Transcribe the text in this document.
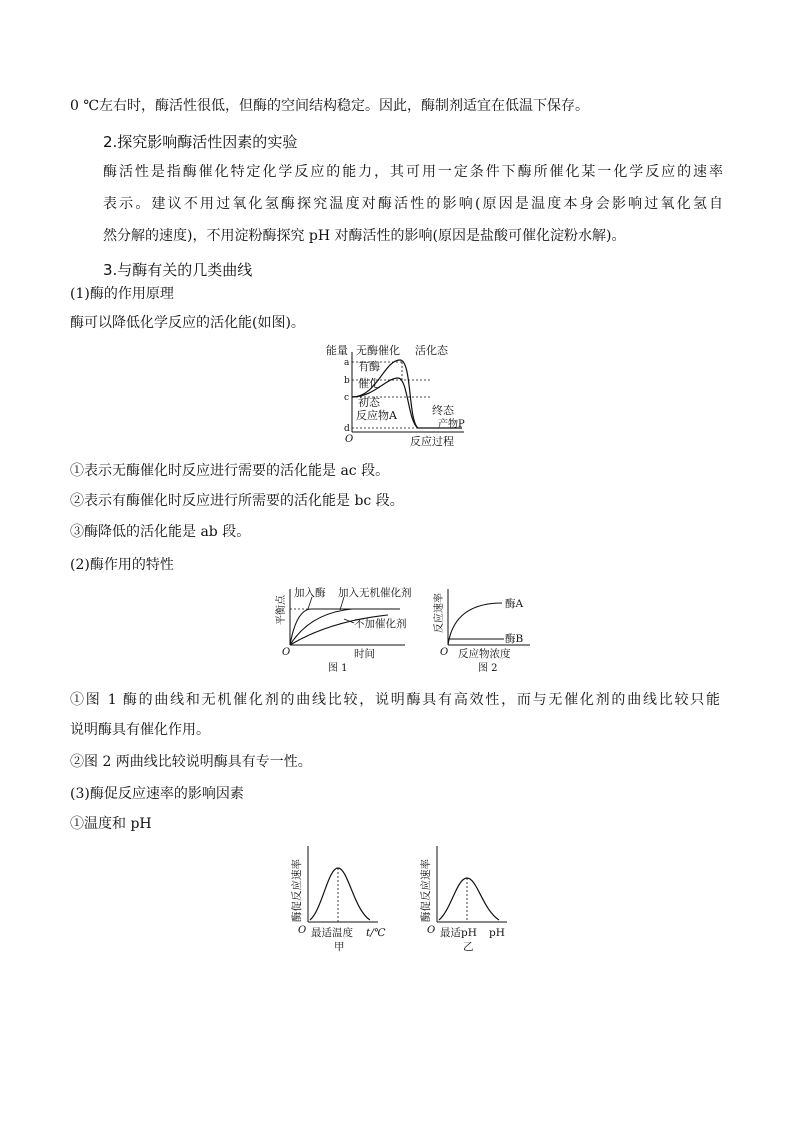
0 ℃左右时，酶活性很低，但酶的空间结构稳定。因此，酶制剂适宜在低温下保存。
2.探究影响酶活性因素的实验
酶活性是指酶催化特定化学反应的能力，其可用一定条件下酶所催化某一化学反应的速率
表示。建议不用过氧化氢酶探究温度对酶活性的影响(原因是温度本身会影响过氧化氢自
然分解的速度)，不用淀粉酶探究 pH 对酶活性的影响(原因是盐酸可催化淀粉水解)。
3.与酶有关的几类曲线
(1)酶的作用原理
酶可以降低化学反应的活化能(如图)。
能量 无酶催化 活化态
有酶
催化
初态
反应物A	终态
产物P
反应过程
O
a
b
c
d
①表示无酶催化时反应进行需要的活化能是 ac 段。
②表示有酶催化时反应进行所需要的活化能是 bc 段。
③酶降低的活化能是 ab 段。
(2)酶作用的特性
平衡点
加入酶 加入无机催化剂
不加催化剂
O	时间
图 1
反应速率	酶A
酶B
O 反应物浓度
图 2
①图 1 酶的曲线和无机催化剂的曲线比较，说明酶具有高效性，而与无催化剂的曲线比较只能
说明酶具有催化作用。
②图 2 两曲线比较说明酶具有专一性。
(3)酶促反应速率的影响因素
①温度和 pH
酶促反应速率
O 最适温度 t/℃
甲
酶促反应速率
O 最适pH pH
乙
